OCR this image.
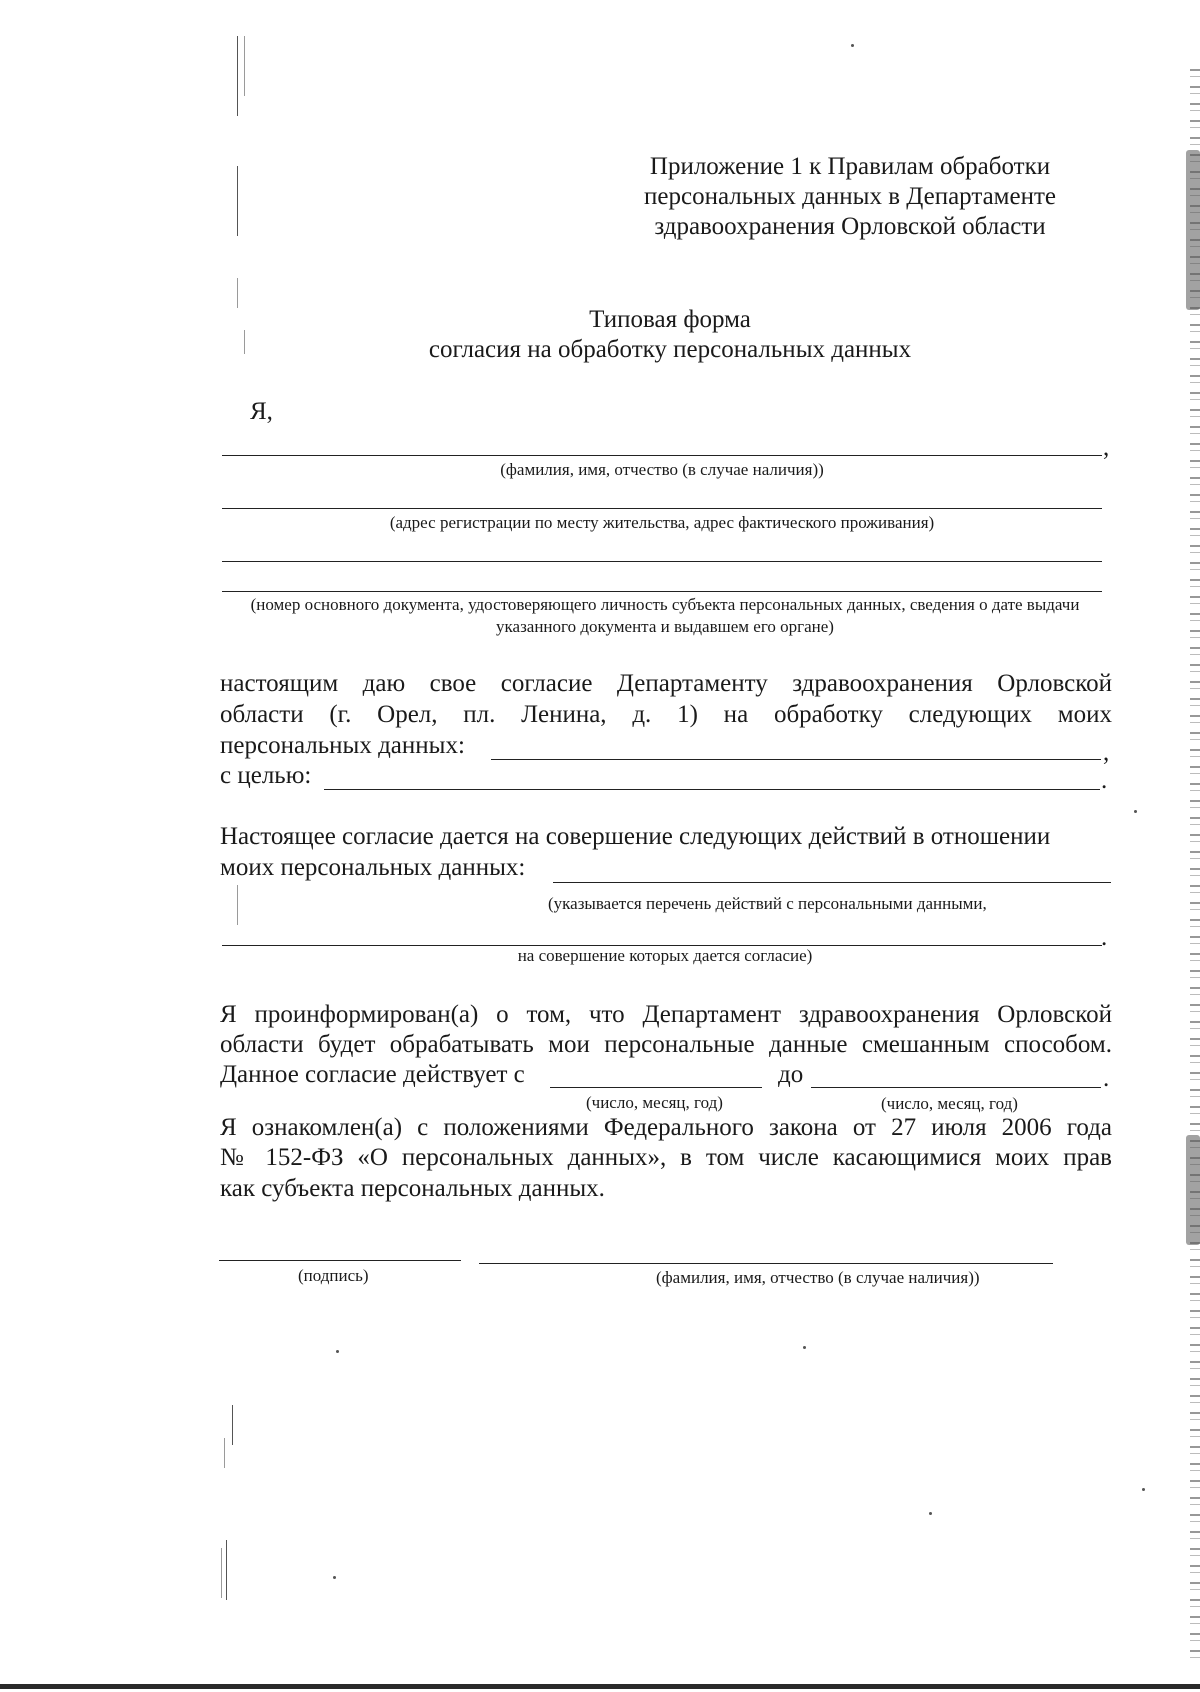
Приложение 1 к Правилам обработки
персональных данных в Департаменте
здравоохранения Орловской области
Типовая форма
согласия на обработку персональных данных
Я,
,
(фамилия, имя, отчество (в случае наличия))
(адрес регистрации по месту жительства, адрес фактического проживания)
(номер основного документа, удостоверяющего личность субъекта персональных данных, сведения о дате выдачи указанного документа и выдавшем его органе)
настоящим даю свое согласие Департаменту здравоохранения Орловской
области (г. Орел, пл. Ленина, д. 1) на обработку следующих моих
персональных данных:	,
с целью:	.
Настоящее согласие дается на совершение следующих действий в отношении
моих персональных данных:
(указывается перечень действий с персональными данными,
.
на совершение которых дается согласие)
Я проинформирован(а) о том, что Департамент здравоохранения Орловской
области будет обрабатывать мои персональные данные смешанным способом.
Данное согласие действует с	до	.
(число, месяц, год)	(число, месяц, год)
Я ознакомлен(а) с положениями Федерального закона от 27 июля 2006 года
№ 152-ФЗ «О персональных данных», в том числе касающимися моих прав
как субъекта персональных данных.
(подпись)	(фамилия, имя, отчество (в случае наличия))
